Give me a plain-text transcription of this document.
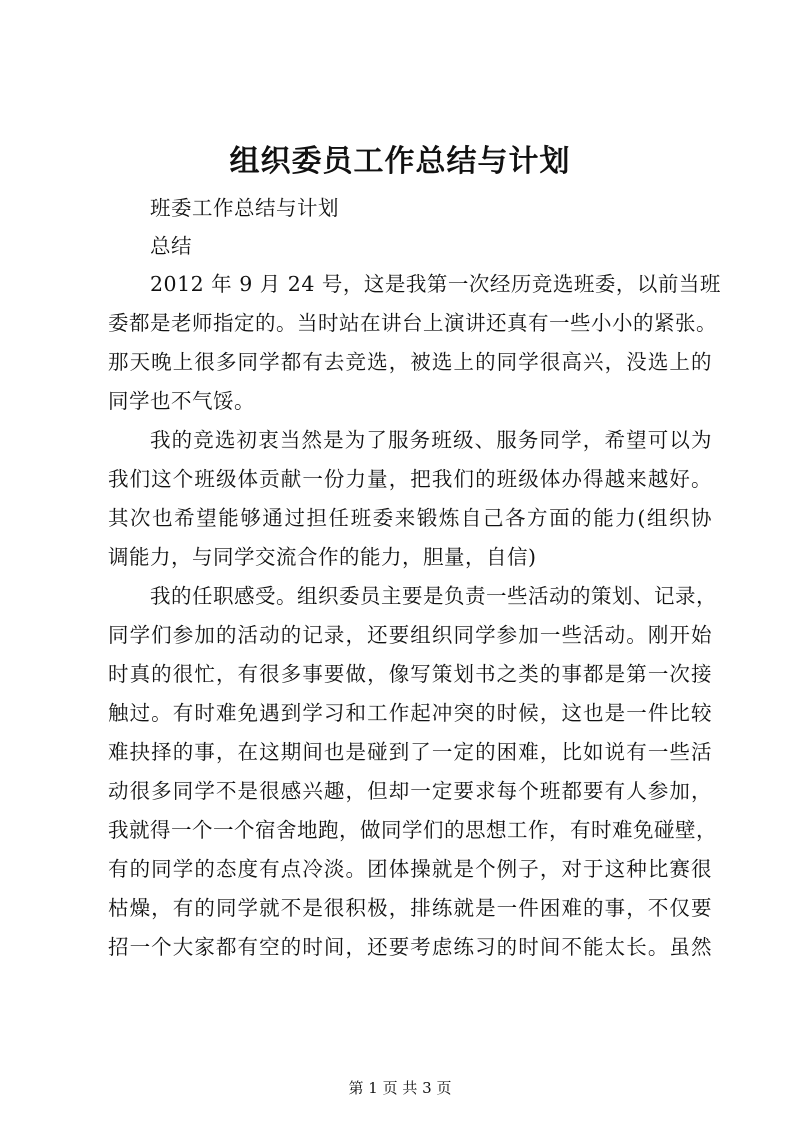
组织委员工作总结与计划
班委工作总结与计划
总结
2012 年 9 月 24 号，这是我第一次经历竞选班委，以前当班
委都是老师指定的。当时站在讲台上演讲还真有一些小小的紧张。
那天晚上很多同学都有去竞选，被选上的同学很高兴，没选上的
同学也不气馁。
我的竞选初衷当然是为了服务班级、服务同学，希望可以为
我们这个班级体贡献一份力量，把我们的班级体办得越来越好。
其次也希望能够通过担任班委来锻炼自己各方面的能力(组织协
调能力，与同学交流合作的能力，胆量，自信)
我的任职感受。组织委员主要是负责一些活动的策划、记录，
同学们参加的活动的记录，还要组织同学参加一些活动。刚开始
时真的很忙，有很多事要做，像写策划书之类的事都是第一次接
触过。有时难免遇到学习和工作起冲突的时候，这也是一件比较
难抉择的事，在这期间也是碰到了一定的困难，比如说有一些活
动很多同学不是很感兴趣，但却一定要求每个班都要有人参加，
我就得一个一个宿舍地跑，做同学们的思想工作，有时难免碰壁，
有的同学的态度有点冷淡。团体操就是个例子，对于这种比赛很
枯燥，有的同学就不是很积极，排练就是一件困难的事，不仅要
招一个大家都有空的时间，还要考虑练习的时间不能太长。虽然
第 1 页 共 3 页
